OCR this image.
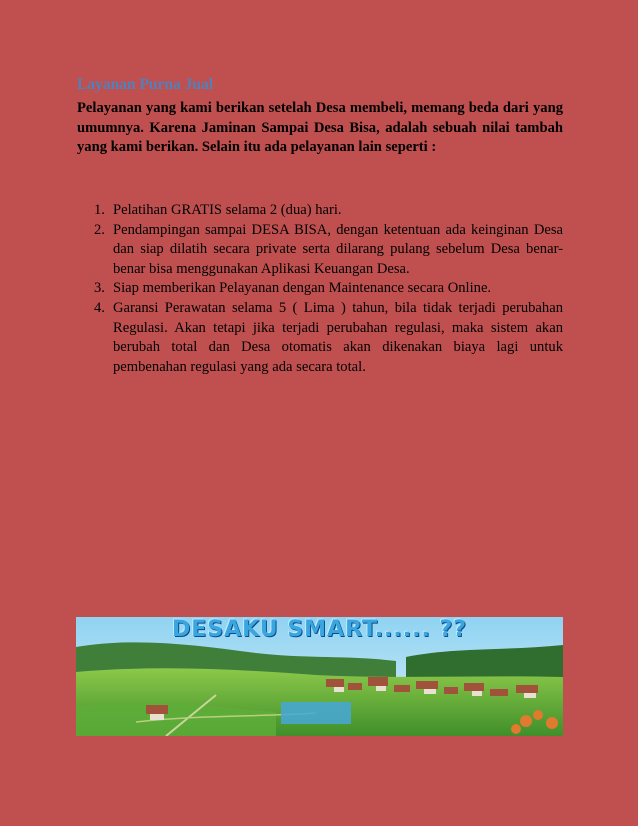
Layanan Purna Jual

Pelayanan yang kami berikan setelah Desa membeli, memang beda dari yang umumnya. Karena Jaminan Sampai Desa Bisa, adalah sebuah nilai tambah yang kami berikan. Selain itu ada pelayanan lain seperti :

1. Pelatihan GRATIS selama 2 (dua) hari.
2. Pendampingan sampai DESA BISA, dengan ketentuan ada keinginan Desa dan siap dilatih secara private serta dilarang pulang sebelum Desa benar-benar bisa menggunakan Aplikasi Keuangan Desa.
3. Siap memberikan Pelayanan dengan Maintenance secara Online.
4. Garansi Perawatan selama 5 ( Lima ) tahun, bila tidak terjadi perubahan Regulasi. Akan tetapi jika terjadi perubahan regulasi, maka sistem akan berubah total dan Desa otomatis akan dikenakan biaya lagi untuk pembenahan regulasi yang ada secara total.
DESAKU SMART...... ??
